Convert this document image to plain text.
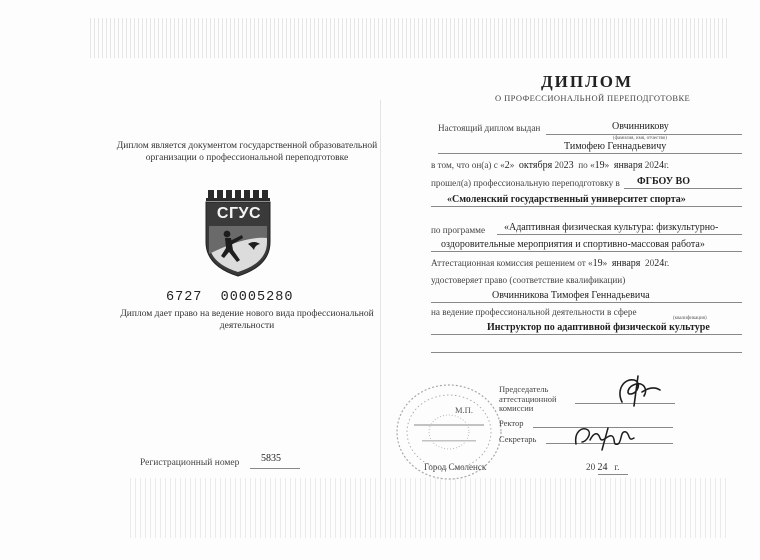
Диплом является документом государственной образовательной организации о профессиональной переподготовке
СГУС
6727 00005280
Диплом дает право на ведение нового вида профессиональной деятельности
Регистрационный номер 5835
ДИПЛОМ
О ПРОФЕССИОНАЛЬНОЙ ПЕРЕПОДГОТОВКЕ
Настоящий диплом выдан	Овчинникову
(фамилия, имя, отчество)
Тимофею Геннадьевичу
в том, что он(а) с «2» октября 2023 по «19» января 2024г.
прошел(а) профессиональную переподготовку в ФГБОУ ВО
«Смоленский государственный университет спорта»
по программе «Адаптивная физическая культура: физкультурно-
оздоровительные мероприятия и спортивно-массовая работа»
Аттестационная комиссия решением от «19» января 2024г.
удостоверяет право (соответствие квалификации)
Овчинникова Тимофея Геннадьевича
на ведение профессиональной деятельности в сфере
(квалификация)
Инструктор по адаптивной физической культуре
М.П.
Председатель аттестационной комиссии
Ректор
Секретарь
Город Смоленск	20 24 г.
